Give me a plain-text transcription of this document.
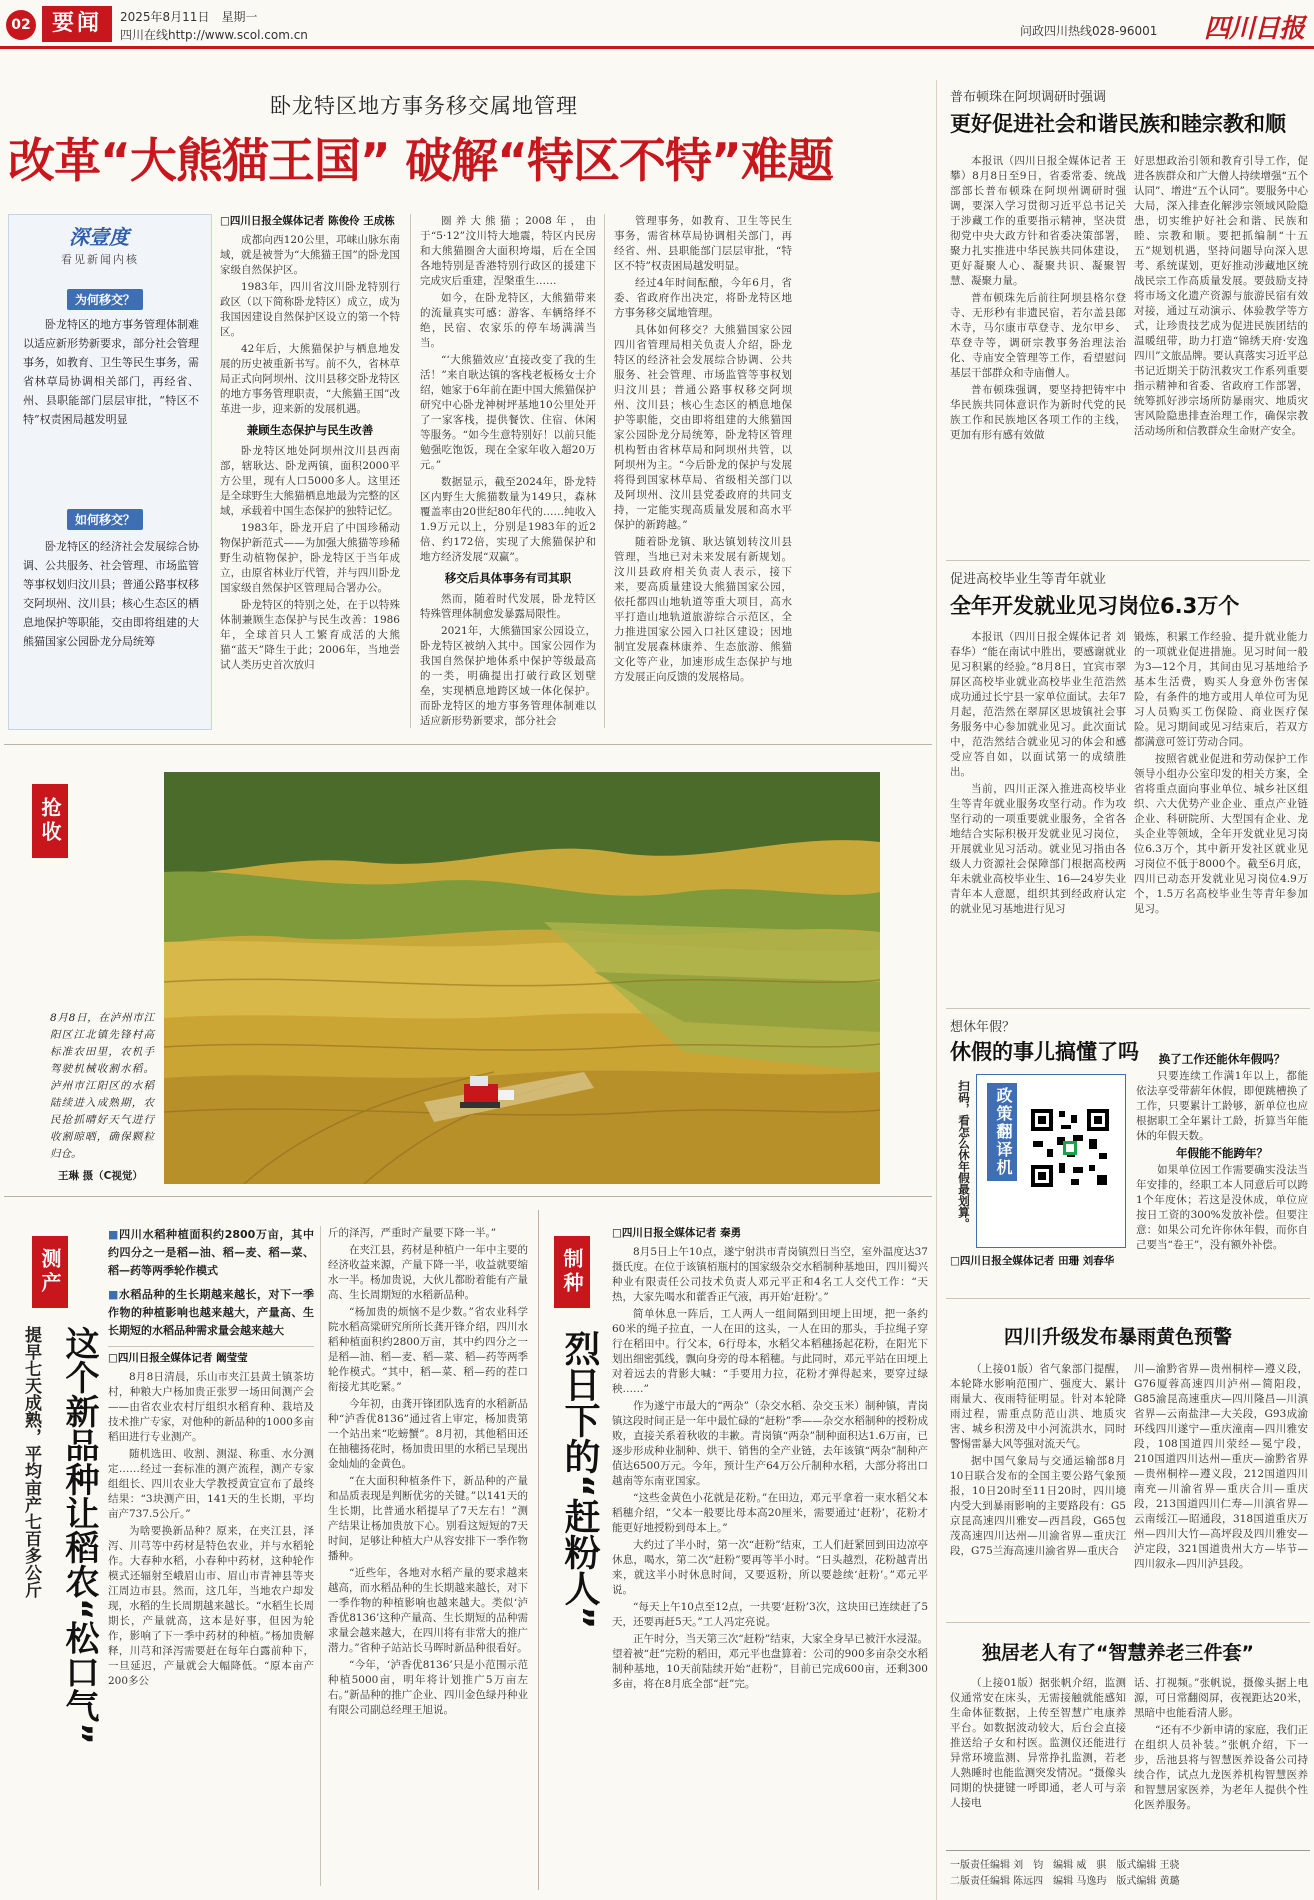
02 要闻	2025年8月11日　星期一
四川在线http://www.scol.com.cn	问政四川热线028-96001 四川日报
卧龙特区地方事务移交属地管理
改革“大熊猫王国” 破解“特区不特”难题
深壹度
看见新闻内核
为何移交？
卧龙特区的地方事务管理体制难以适应新形势新要求，部分社会管理事务，如教育、卫生等民生事务，需省林草局协调相关部门，再经省、州、县职能部门层层审批，“特区不特”权责困局越发明显
如何移交？
卧龙特区的经济社会发展综合协调、公共服务、社会管理、市场监管等事权划归汶川县；普通公路事权移交阿坝州、汶川县；核心生态区的栖息地保护等职能，交由即将组建的大熊猫国家公园卧龙分局统筹
□四川日报全媒体记者 陈俊伶 王成栋

成都向西120公里，邛崃山脉东南域，就是被誉为“大熊猫王国”的卧龙国家级自然保护区。

1983年，四川省汶川卧龙特别行政区（以下简称卧龙特区）成立，成为我国因建设自然保护区设立的第一个特区。

42年后，大熊猫保护与栖息地发展的历史被重新书写。前不久，省林草局正式向阿坝州、汶川县移交卧龙特区的地方事务管理职责，“大熊猫王国”改革进一步，迎来新的发展机遇。

兼顾生态保护与民生改善

卧龙特区地处阿坝州汶川县西南部，辖耿达、卧龙两镇，面积2000平方公里，现有人口5000多人。这里还是全球野生大熊猫栖息地最为完整的区域，承载着中国生态保护的独特记忆。

1983年，卧龙开启了中国珍稀动物保护新范式——为加强大熊猫等珍稀野生动植物保护，卧龙特区于当年成立，由原省林业厅代管，并与四川卧龙国家级自然保护区管理局合署办公。

卧龙特区的特别之处，在于以特殊体制兼顾生态保护与民生改善：1986年，全球首只人工繁育成活的大熊猫“蓝天”降生于此；2006年，当地尝试人类历史首次放归

圈养大熊猫；2008年，由于“5·12”汶川特大地震，特区内民房和大熊猫圈舍大面积垮塌，后在全国各地特别是香港特别行政区的援建下完成灾后重建，涅槃重生……

如今，在卧龙特区，大熊猫带来的流量真实可感：游客、车辆络绎不绝，民宿、农家乐的停车场满满当当。

“‘大熊猫效应’直接改变了我的生活！”来自耿达镇的客栈老板杨女士介绍，她家于6年前在距中国大熊猫保护研究中心卧龙神树坪基地10公里处开了一家客栈，提供餐饮、住宿、休闲等服务。“如今生意特别好！以前只能勉强吃饱饭，现在全家年收入超20万元。”

数据显示，截至2024年，卧龙特区内野生大熊猫数量为149只，森林覆盖率由20世纪80年代的……纯收入1.9万元以上，分别是1983年的近2倍、约172倍，实现了大熊猫保护和地方经济发展“双赢”。

移交后具体事务有司其职

然而，随着时代发展，卧龙特区特殊管理体制愈发暴露局限性。

2021年，大熊猫国家公园设立，卧龙特区被纳入其中。国家公园作为我国自然保护地体系中保护等级最高的一类，明确提出打破行政区划壁垒，实现栖息地跨区域一体化保护。而卧龙特区的地方事务管理体制难以适应新形势新要求，部分社会

管理事务，如教育、卫生等民生事务，需省林草局协调相关部门，再经省、州、县职能部门层层审批，“特区不特”权责困局越发明显。

经过4年时间酝酿，今年6月，省委、省政府作出决定，将卧龙特区地方事务移交属地管理。

具体如何移交？大熊猫国家公园四川省管理局相关负责人介绍，卧龙特区的经济社会发展综合协调、公共服务、社会管理、市场监管等事权划归汶川县；普通公路事权移交阿坝州、汶川县；核心生态区的栖息地保护等职能，交由即将组建的大熊猫国家公园卧龙分局统筹，卧龙特区管理机构暂由省林草局和阿坝州共管，以阿坝州为主。“今后卧龙的保护与发展将得到国家林草局、省级相关部门以及阿坝州、汶川县党委政府的共同支持，一定能实现高质量发展和高水平保护的新跨越。”

随着卧龙镇、耿达镇划转汶川县管理，当地已对未来发展有新规划。汶川县政府相关负责人表示，接下来，要高质量建设大熊猫国家公园，依托都四山地轨道等重大项目，高水平打造山地轨道旅游综合示范区，全力推进国家公园入口社区建设；因地制宜发展森林康养、生态旅游、熊猫文化等产业，加速形成生态保护与地方发展正向反馈的发展格局。

普布顿珠在阿坝调研时强调
更好促进社会和谐民族和睦宗教和顺

本报讯（四川日报全媒体记者 王攀）8月8日至9日，省委常委、统战部部长普布顿珠在阿坝州调研时强调，要深入学习贯彻习近平总书记关于涉藏工作的重要指示精神，坚决贯彻党中央大政方针和省委决策部署，聚力扎实推进中华民族共同体建设，更好凝聚人心、凝聚共识、凝聚智慧、凝聚力量。

普布顿珠先后前往阿坝县格尔登寺、无形秒有非遗民宿，若尔盖县郎木寺，马尔康市草登寺、龙尔甲乡、草登寺等，调研宗教事务治理法治化、寺庙安全管理等工作，看望慰问基层干部群众和寺庙僧人。

普布顿珠强调，要坚持把铸牢中华民族共同体意识作为新时代党的民族工作和民族地区各项工作的主线，更加有形有感有效做

好思想政治引领和教育引导工作，促进各族群众和广大僧人持续增强“五个认同”、增进“五个认同”。要服务中心大局，深入排查化解涉宗领域风险隐患，切实维护好社会和谐、民族和睦、宗教和顺。要把抓编制“十五五”规划机遇，坚持问题导向深入思考、系统谋划，更好推动涉藏地区统战民宗工作高质量发展。要鼓励支持将市场文化遗产资源与旅游民宿有效对接，通过互动演示、体验教学等方式，让珍贵技艺成为促进民族团结的温暖纽带，助力打造“锦绣天府·安逸四川”文旅品牌。要认真落实习近平总书记近期关于防汛救灾工作系列重要指示精神和省委、省政府工作部署，统筹抓好涉宗场所防暴雨灾、地质灾害风险隐患排查治理工作，确保宗教活动场所和信教群众生命财产安全。

促进高校毕业生等青年就业
全年开发就业见习岗位6.3万个

本报讯（四川日报全媒体记者 刘春华）“能在南试中胜出，要感谢就业见习积累的经验。”8月8日，宜宾市翠屏区高校毕业就业高校毕业生范浩然成功通过长宁县一家单位面试。去年7月起，范浩然在翠屏区思坡镇社会事务服务中心参加就业见习。此次面试中，范浩然结合就业见习的体会和感受应答自如，以面试第一的成绩胜出。

当前，四川正深入推进高校毕业生等青年就业服务攻坚行动。作为攻坚行动的一项重要就业服务，全省各地结合实际积极开发就业见习岗位，开展就业见习活动。就业见习指由各级人力资源社会保障部门根据高校两年未就业高校毕业生、16—24岁失业青年本人意愿，组织其到经政府认定的就业见习基地进行见习

锻炼，积累工作经验、提升就业能力的一项就业促进措施。见习时间一般为3—12个月，其间由见习基地给予基本生活费，购买人身意外伤害保险，有条件的地方或用人单位可为见习人员购买工伤保险、商业医疗保险。见习期间或见习结束后，若双方都满意可签订劳动合同。

按照省就业促进和劳动保护工作领导小组办公室印发的相关方案，全省将重点面向事业单位、城乡社区组织、六大优势产业企业、重点产业链企业、科研院所、大型国有企业、龙头企业等领域，全年开发就业见习岗位6.3万个，其中新开发社区就业见习岗位不低于8000个。截至6月底，四川已动态开发就业见习岗位4.9万个，1.5万名高校毕业生等青年参加见习。

想休年假？
休假的事儿搞懂了吗
扫码，看怎么休年假最划算。	政策翻译机
□四川日报全媒体记者 田珊 刘春华
换了工作还能休年假吗？

只要连续工作满1年以上，都能依法享受带薪年休假，即便跳槽换了工作，只要累计工龄够，新单位也应根据职工全年累计工龄，折算当年能休的年假天数。

年假能不能跨年？

如果单位因工作需要确实没法当年安排的，经职工本人同意后可以跨1个年度休；若这是没休成，单位应按日工资的300%发放补偿。但要注意：如果公司允许你休年假，而你自己要当“卷王”，没有额外补偿。

四川升级发布暴雨黄色预警

（上接01版）省气象部门提醒，本轮降水影响范围广、强度大、累计雨量大、夜雨特征明显。针对本轮降雨过程，需重点防范山洪、地质灾害、城乡积涝及中小河流洪水，同时警惕雷暴大风等强对流天气。

据中国气象局与交通运输部8月10日联合发布的全国主要公路气象预报，10日20时至11日20时，四川境内受大到暴雨影响的主要路段有：G5京昆高速四川雅安—西昌段，G65包茂高速四川达州—川渝省界—重庆江段，G75兰海高速川渝省界—重庆合

川—渝黔省界—贵州桐梓—遵义段，G76厦蓉高速四川泸州—简阳段，G85渝昆高速重庆—四川隆昌—川滇省界—云南盐津—大关段，G93成渝环线四川遂宁—重庆潼南—四川雅安段，108国道四川荥经—冕宁段，210国道四川达州—重庆—渝黔省界—贵州桐梓—遵义段，212国道四川南充—川渝省界—重庆合川—重庆段，213国道四川仁寿—川滇省界—云南绥江—昭通段，318国道重庆万州—四川大竹—高坪段及四川雅安—泸定段，321国道贵州大方—毕节—四川叙永—四川泸县段。

独居老人有了“智慧养老三件套”

（上接01版）据张帆介绍，监测仪通常安在床头，无需接触就能感知生命体征数据，上传至智慧广电康养平台。如数据波动较大，后台会直接推送给子女和村医。监测仪还能进行异常环境监测、异常挣扎监测，若老人熟睡时也能监测突发情况。“摄像头同期的快捷键一呼即通，老人可与亲人接电

话、打视频。”张帆说，摄像头据上电源，可日常翻阅屏，夜视距达20米，黑暗中也能看清人影。

“还有不少新申请的家庭，我们正在组织人员补装。”张帆介绍，下一步，岳池县将与智慧医养设备公司持续合作，试点九龙医养机构智慧医养和智慧居家医养，为老年人提供个性化医养服务。

一版责任编辑 刘　钧　编辑 威　骐　版式编辑 王骁
二版责任编辑 陈远四　编辑 马逸玙　版式编辑 黄璐
抢收
8月8日，在泸州市江阳区江北镇先锋村高标准农田里，农机手驾驶机械收割水稻。泸州市江阳区的水稻陆续进入成熟期，农民抢抓晴好天气进行收割晾晒，确保颗粒归仓。
王琳 摄（C视觉）
测产
这个新品种让稻农“松口气”
提早七天成熟，平均亩产七百多公斤
■四川水稻种植面积约2800万亩，其中约四分之一是稻—油、稻—麦、稻—菜、稻—药等两季轮作模式
■水稻品种的生长期越来越长，对下一季作物的种植影响也越来越大，产量高、生长期短的水稻品种需求量会越来越大
□四川日报全媒体记者 阚莹莹

8月8日清晨，乐山市夹江县黄土镇茶坊村，种粮大户杨加贵正张罗一场田间测产会——由省农业农村厅组织水稻育种、栽培及技术推广专家，对他种的新品种的1000多亩稻田进行专业测产。

随机选田、收割、测湿、称重、水分测定……经过一套标准的测产流程，测产专家组组长、四川农业大学教授黄宣宣布了最终结果：“3块测产田，141天的生长期，平均亩产737.5公斤。”

为啥要换新品种？原来，在夹江县，泽泻、川芎等中药材是特色农业，并与水稻轮作。大春种水稻，小春种中药材，这种轮作模式还辐射至峨眉山市、眉山市青神县等夹江周边市县。然而，这几年，当地农户却发现，水稻的生长周期越来越长。“水稻生长周期长，产量就高，这本是好事，但因为轮作，影响了下一季中药材的种植。”杨加贵解释，川芎和泽泻需要赶在每年白露前种下，一旦延迟，产量就会大幅降低。“原本亩产200多公

斤的泽泻，严重时产量要下降一半。”

在夹江县，药材是种植户一年中主要的经济收益来源，产量下降一半，收益就要缩水一半。杨加贵说，大伙儿都盼着能有产量高、生长周期短的水稻新品种。

“杨加贵的烦恼不是少数。”省农业科学院水稻高粱研究所所长龚开锋介绍，四川水稻种植面积约2800万亩，其中约四分之一是稻—油、稻—麦、稻—菜、稻—药等两季轮作模式。“其中，稻—菜、稻—药的茬口衔接尤其吃紧。”

今年初，由龚开锋团队选育的水稻新品种“泸香优8136”通过省上审定，杨加贵第一个站出来“吃螃蟹”。8月初，其他稻田还在抽穗扬花时，杨加贵田里的水稻已呈现出金灿灿的金黄色。

“在大面积种植条件下，新品种的产量和品质表现是判断优劣的关键。”以141天的生长期，比普通水稻提早了7天左右！”测产结果让杨加贵放下心。别看这短短的7天时间，足够让种植大户从容安排下一季作物播种。

“近些年，各地对水稻产量的要求越来越高，而水稻品种的生长期越来越长，对下一季作物的种植影响也越来越大。类似‘泸香优8136’这种产量高、生长期短的品种需求量会越来越大，在四川将有非常大的推广潜力。”省种子站站长马晖时新品种很看好。

“今年，‘泸香优8136’只是小范围示范种植5000亩，明年将计划推广5万亩左右。”新品种的推广企业、四川金色绿丹种业有限公司副总经理王旭说。

制种
烈日下的“赶粉人”
□四川日报全媒体记者 秦勇

8月5日上午10点，遂宁射洪市青岗镇烈日当空，室外温度达37摄氏度。在位于该镇栢瓶村的国家级杂交水稻制种基地田，四川蜀兴种业有限责任公司技术负责人邓元平正和4名工人交代工作：“天热，大家先喝水和藿香正气液，再开始‘赶粉’。”

简单休息一阵后，工人两人一组间隔到田埂上田埂，把一条约60米的绳子拉直，一人在田的这头，一人在田的那头，手拉绳子穿行在稻田中。行父本，6行母本，水稻父本稻穗扬起花粉，在阳光下划出细密弧线，飘向身旁的母本稻穗。与此同时，邓元平站在田埂上对着远去的背影大喊：“手要用力拉，花粉才弹得起来，要穿过绿秧……”

作为遂宁市最大的“两杂”（杂交水稻、杂交玉米）制种镇，青岗镇这段时间正是一年中最忙碌的“赶粉”季——杂交水稻制种的授粉成败，直接关系着秋收的丰歉。青岗镇“两杂”制种面积达1.6万亩，已逐步形成种业制种、烘干、销售的全产业链，去年该镇“两杂”制种产值达6500万元。今年，预计生产64万公斤制种水稻，大部分将出口越南等东南亚国家。

“这些金黄色小花就是花粉。”在田边，邓元平拿着一束水稻父本稻穗介绍，“父本一般要比母本高20厘米，需要通过‘赶粉’，花粉才能更好地授粉到母本上。”

大约过了半小时，第一次“赶粉”结束，工人们赶紧回到田边凉亭休息，喝水，第二次“赶粉”要再等半小时。“日头越烈，花粉越青出来，就这半小时休息时间，又要返粉，所以要趁续‘赶粉’。”邓元平说。

“每天上午10点至12点，一共要‘赶粉’3次，这块田已连续赶了5天，还要再赶5天。”工人冯定亮说。

正午时分，当天第三次“赶粉”结束，大家全身早已被汗水浸湿。望着被“赶”完粉的稻田，邓元平也盘算着：公司的900多亩杂交水稻制种基地，10天前陆续开始“赶粉”，目前已完成600亩，还剩300多亩，将在8月底全部“赶”完。
